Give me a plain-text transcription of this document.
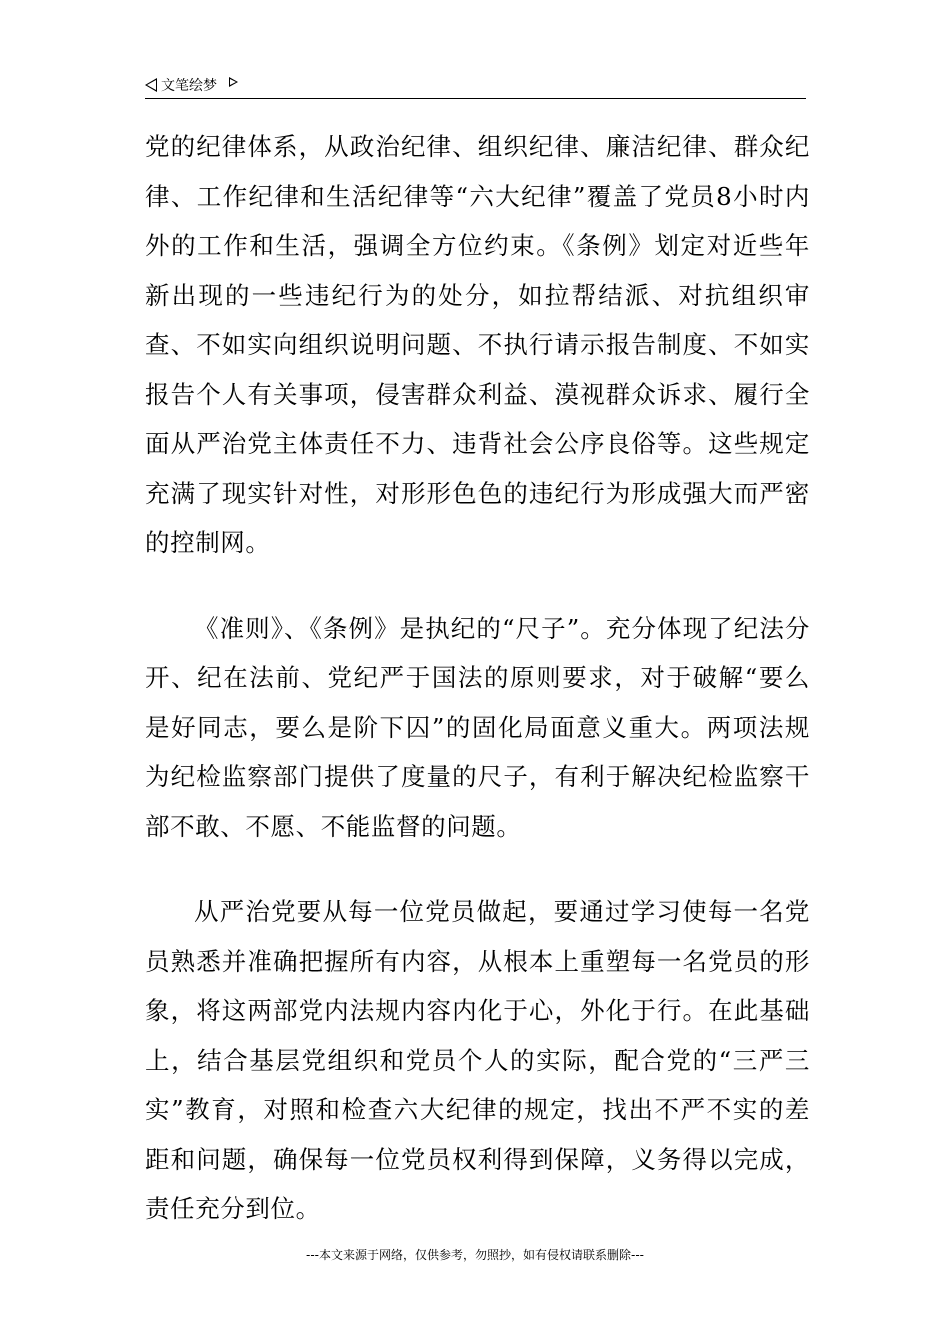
文笔绘梦

党的纪律体系，从政治纪律、组织纪律、廉洁纪律、群众纪律、工作纪律和生活纪律等“六大纪律”覆盖了党员8小时内外的工作和生活，强调全方位约束。《条例》划定对近些年新出现的一些违纪行为的处分，如拉帮结派、对抗组织审查、不如实向组织说明问题、不执行请示报告制度、不如实报告个人有关事项，侵害群众利益、漠视群众诉求、履行全面从严治党主体责任不力、违背社会公序良俗等。这些规定充满了现实针对性，对形形色色的违纪行为形成强大而严密的控制网。

《准则》、《条例》是执纪的“尺子”。充分体现了纪法分开、纪在法前、党纪严于国法的原则要求，对于破解“要么是好同志，要么是阶下囚”的固化局面意义重大。两项法规为纪检监察部门提供了度量的尺子，有利于解决纪检监察干部不敢、不愿、不能监督的问题。

从严治党要从每一位党员做起，要通过学习使每一名党员熟悉并准确把握所有内容，从根本上重塑每一名党员的形象，将这两部党内法规内容内化于心，外化于行。在此基础上，结合基层党组织和党员个人的实际，配合党的“三严三实”教育，对照和检查六大纪律的规定，找出不严不实的差距和问题，确保每一位党员权利得到保障，义务得以完成，责任充分到位。

---本文来源于网络，仅供参考，勿照抄，如有侵权请联系删除---
